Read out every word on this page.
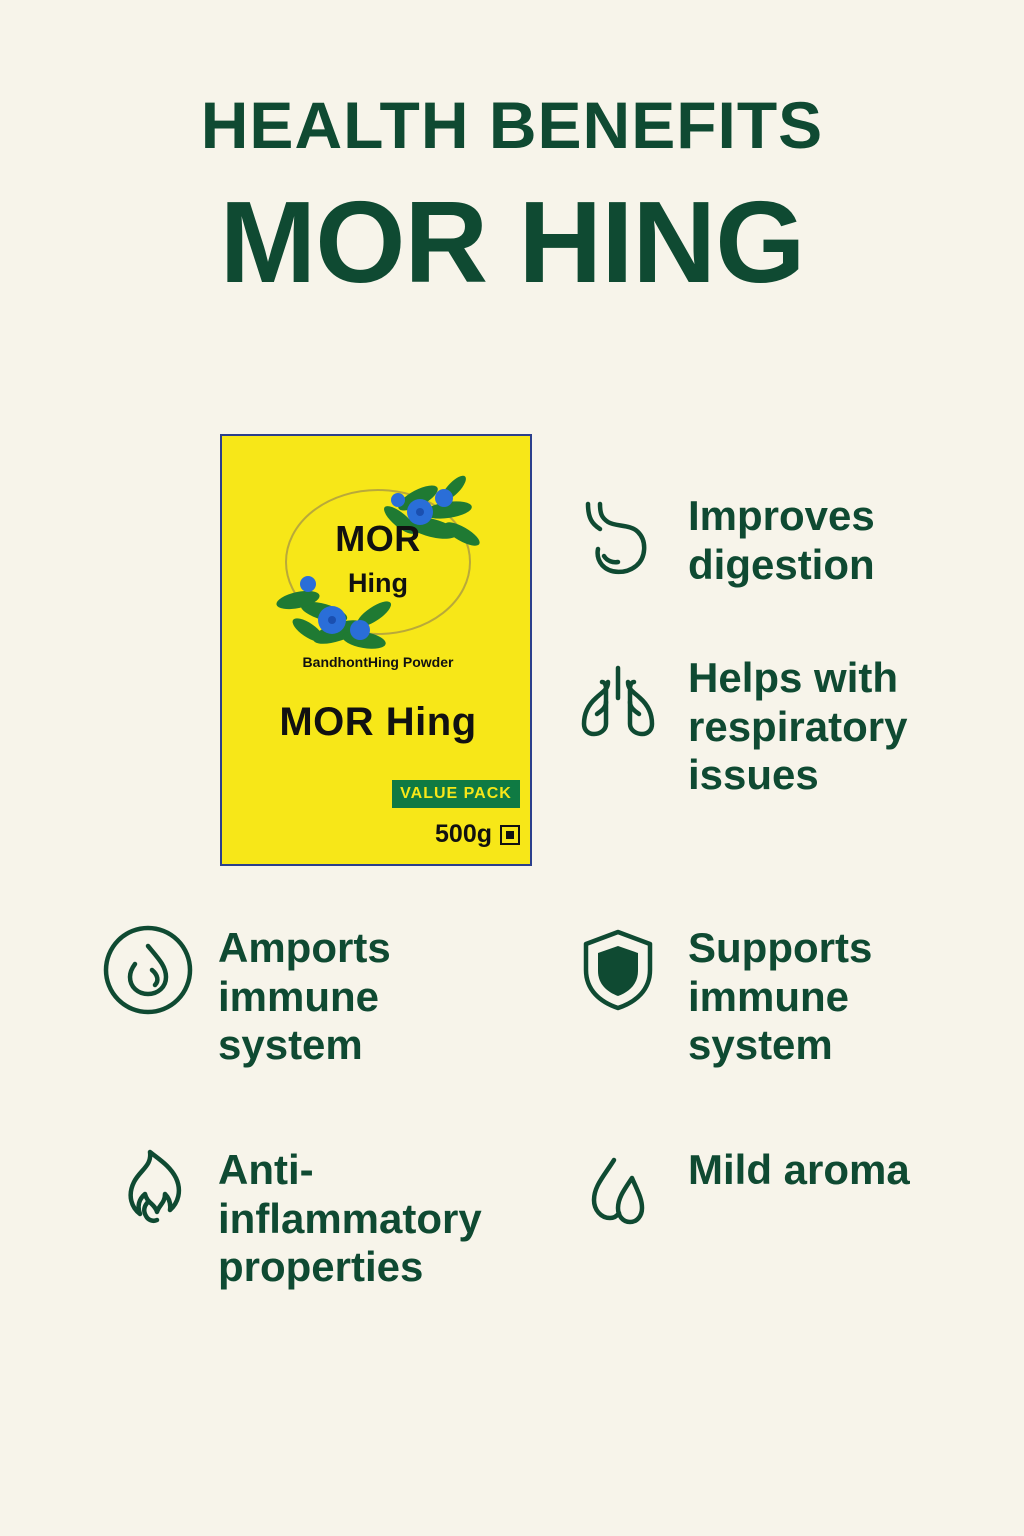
HEALTH BENEFITS
MOR HING
MOR
Hing
BandhontHing Powder
MOR Hing
VALUE PACK
500g
Improves digestion
Helps with respiratory issues
Amports immune system
Supports immune system
Anti-inflammatory properties
Mild aroma
